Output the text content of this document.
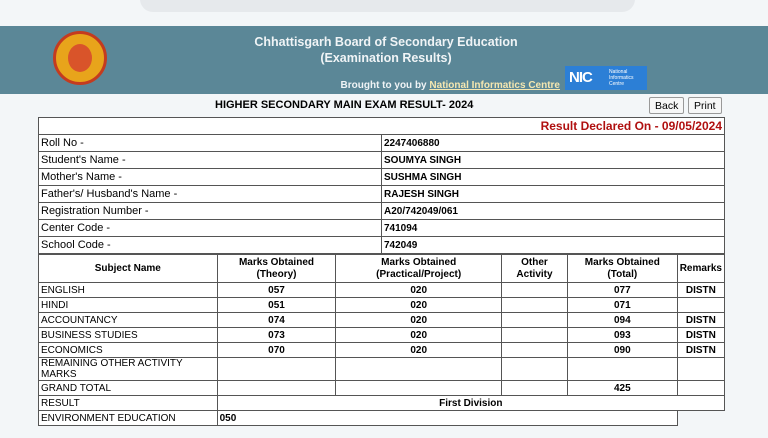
Chhattisgarh Board of Secondary Education
(Examination Results)
Brought to you by National Informatics Centre NIC	National Informatics Centre
HIGHER SECONDARY MAIN EXAM RESULT- 2024	Back	Print
Result Declared On - 09/05/2024	
Roll No -	2247406880
Student's Name -	SOUMYA SINGH
Mother's Name -	SUSHMA SINGH
Father's/ Husband's Name -	RAJESH SINGH
Registration Number -	A20/742049/061
Center Code -	741094
School Code -	742049
Subject Name	Marks Obtained (Theory)	Marks Obtained (Practical/Project)	Other Activity	Marks Obtained (Total)	Remarks
ENGLISH	057	020		077	DISTN
HINDI	051	020		071	
ACCOUNTANCY	074	020		094	DISTN
BUSINESS STUDIES	073	020		093	DISTN
ECONOMICS	070	020		090	DISTN
REMAINING OTHER ACTIVITY MARKS					
GRAND TOTAL				425	
RESULT	First Division				
ENVIRONMENT EDUCATION	050				
